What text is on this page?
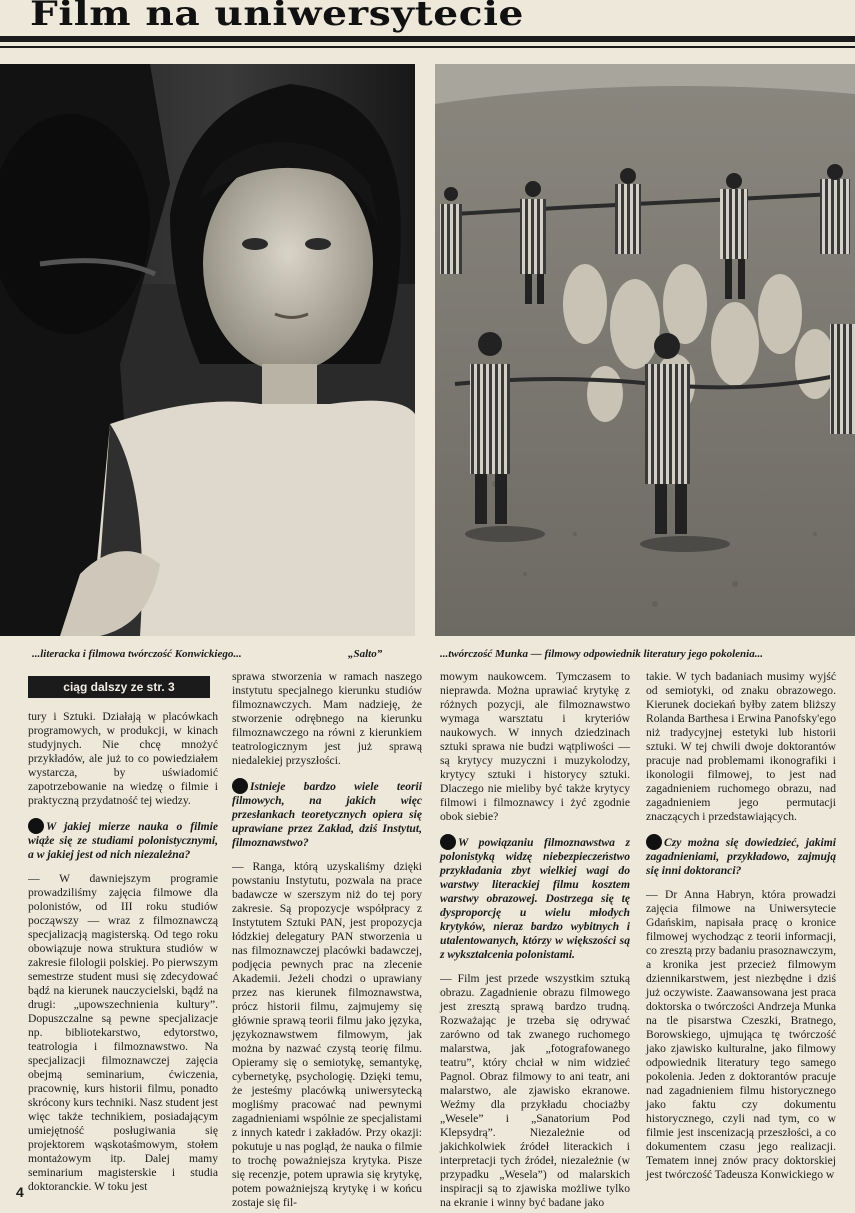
Film na uniwersytecie
...literacka i filmowa twórczość Konwickiego...	„Salto”	...twórczość Munka — filmowy odpowiednik literatury jego pokolenia...
ciąg dalszy ze str. 3

tury i Sztuki. Działają w placówkach programowych, w produkcji, w kinach studyjnych. Nie chcę mnożyć przykładów, ale już to co powiedziałem wystarcza, by uświadomić zapotrzebowanie na wiedzę o filmie i praktyczną przydatność tej wiedzy.

W jakiej mierze nauka o filmie wiąże się ze studiami polonistycznymi, a w jakiej jest od nich niezależna?

— W dawniejszym programie prowadziliśmy zajęcia filmowe dla polonistów, od III roku studiów począwszy — wraz z filmoznawczą specjalizacją magisterską. Od tego roku obowiązuje nowa struktura studiów w zakresie filologii polskiej. Po pierwszym semestrze student musi się zdecydować bądź na kierunek nauczycielski, bądź na drugi: „upowszechnienia kultury”. Dopuszczalne są pewne specjalizacje np. bibliotekarstwo, edytorstwo, teatrologia i filmoznawstwo. Na specjalizacji filmoznawczej zajęcia obejmą seminarium, ćwiczenia, pracownię, kurs historii filmu, ponadto skrócony kurs techniki. Nasz student jest więc także technikiem, posiadającym umiejętność posługiwania się projektorem wąskotaśmowym, stołem montażowym itp. Dalej mamy seminarium magisterskie i studia doktoranckie. W toku jest

sprawa stworzenia w ramach naszego instytutu specjalnego kierunku studiów filmoznawczych. Mam nadzieję, że stworzenie odrębnego na kierunku filmoznawczego na równi z kierunkiem teatrologicznym jest już sprawą niedalekiej przyszłości.

Istnieje bardzo wiele teorii filmowych, na jakich więc przesłankach teoretycznych opiera się uprawiane przez Zakład, dziś Instytut, filmoznawstwo?

— Ranga, którą uzyskaliśmy dzięki powstaniu Instytutu, pozwala na prace badawcze w szerszym niż do tej pory zakresie. Są propozycje współpracy z Instytutem Sztuki PAN, jest propozycja łódzkiej delegatury PAN stworzenia u nas filmoznawczej placówki badawczej, podjęcia pewnych prac na zlecenie Akademii. Jeżeli chodzi o uprawiany przez nas kierunek filmoznawstwa, prócz historii filmu, zajmujemy się głównie sprawą teorii filmu jako języka, językoznawstwem filmowym, jak można by nazwać czystą teorię filmu. Opieramy się o semiotykę, semantykę, cybernetykę, psychologię. Dzięki temu, że jesteśmy placówką uniwersytecką mogliśmy pracować nad pewnymi zagadnieniami wspólnie ze specjalistami z innych katedr i zakładów. Przy okazji: pokutuje u nas pogląd, że nauka o filmie to trochę poważniejsza krytyka. Pisze się recenzje, potem uprawia się krytykę, potem poważniejszą krytykę i w końcu zostaje się fil-

mowym naukowcem. Tymczasem to nieprawda. Można uprawiać krytykę z różnych pozycji, ale filmoznawstwo wymaga warsztatu i kryteriów naukowych. W innych dziedzinach sztuki sprawa nie budzi wątpliwości — są krytycy muzyczni i muzykolodzy, krytycy sztuki i historycy sztuki. Dlaczego nie mieliby być także krytycy filmowi i filmoznawcy i żyć zgodnie obok siebie?

W powiązaniu filmoznawstwa z polonistyką widzę niebezpieczeństwo przykładania zbyt wielkiej wagi do warstwy literackiej filmu kosztem warstwy obrazowej. Dostrzega się tę dysproporcję u wielu młodych krytyków, nieraz bardzo wybitnych i utalentowanych, którzy w większości są z wykształcenia polonistami.

— Film jest przede wszystkim sztuką obrazu. Zagadnienie obrazu filmowego jest zresztą sprawą bardzo trudną. Rozważając je trzeba się odrywać zarówno od tak zwanego ruchomego malarstwa, jak „fotografowanego teatru”, który chciał w nim widzieć Pagnol. Obraz filmowy to ani teatr, ani malarstwo, ale zjawisko ekranowe. Weźmy dla przykładu chociażby „Wesele” i „Sanatorium Pod Klepsydrą”. Niezależnie od jakichkolwiek źródeł literackich i interpretacji tych źródeł, niezależnie (w przypadku „Wesela”) od malarskich inspiracji są to zjawiska możliwe tylko na ekranie i winny być badane jako

takie. W tych badaniach musimy wyjść od semiotyki, od znaku obrazowego. Kierunek dociekań byłby zatem bliższy Rolanda Barthesa i Erwina Panofsky'ego niż tradycyjnej estetyki lub historii sztuki. W tej chwili dwoje doktorantów pracuje nad problemami ikonografiki i ikonologii filmowej, to jest nad zagadnieniem ruchomego obrazu, nad zagadnieniem jego permutacji znaczących i przedstawiających.

Czy można się dowiedzieć, jakimi zagadnieniami, przykładowo, zajmują się inni doktoranci?

— Dr Anna Habryn, która prowadzi zajęcia filmowe na Uniwersytecie Gdańskim, napisała pracę o kronice filmowej wychodząc z teorii informacji, co zresztą przy badaniu prasoznawczym, a kronika jest przecież filmowym dziennikarstwem, jest niezbędne i dziś już oczywiste. Zaawansowana jest praca doktorska o twórczości Andrzeja Munka na tle pisarstwa Czeszki, Bratnego, Borowskiego, ujmująca tę twórczość jako zjawisko kulturalne, jako filmowy odpowiednik literatury tego samego pokolenia. Jeden z doktorantów pracuje nad zagadnieniem filmu historycznego jako faktu czy dokumentu historycznego, czyli nad tym, co w filmie jest inscenizacją przeszłości, a co dokumentem czasu jego realizacji. Tematem innej znów pracy doktorskiej jest twórczość Tadeusza Konwickiego w

4
